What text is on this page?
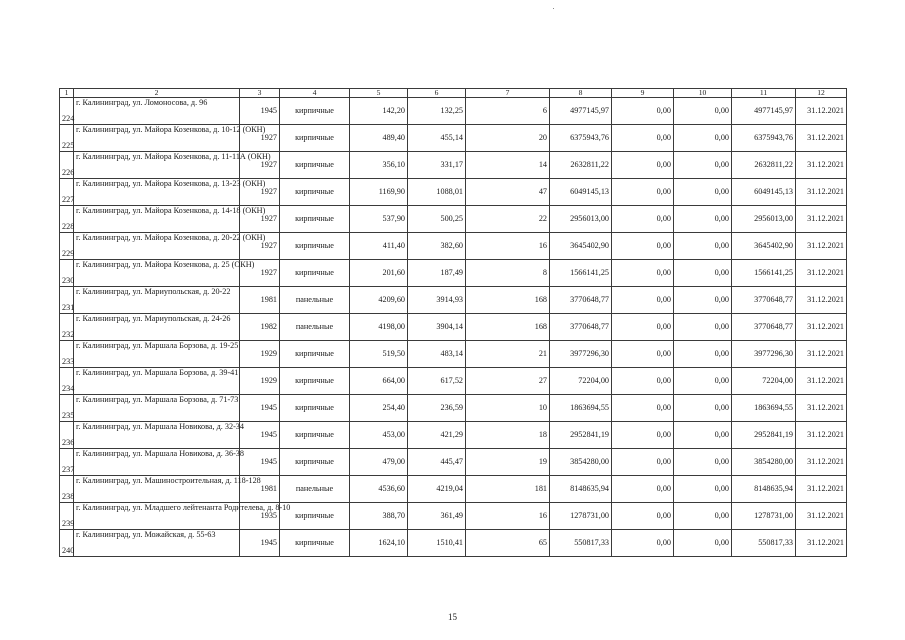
1	2	3	4	5	6	7	8	9	10	11	12
224	г. Калининград, ул. Ломоносова, д. 96	1945	кирпичные	142,20	132,25	6	4977145,97	0,00	0,00	4977145,97	31.12.2021
225	г. Калининград, ул. Майора Козенкова, д. 10-12 (ОКН)	1927	кирпичные	489,40	455,14	20	6375943,76	0,00	0,00	6375943,76	31.12.2021
226	г. Калининград, ул. Майора Козенкова, д. 11-11А (ОКН)	1927	кирпичные	356,10	331,17	14	2632811,22	0,00	0,00	2632811,22	31.12.2021
227	г. Калининград, ул. Майора Козенкова, д. 13-23 (ОКН)	1927	кирпичные	1169,90	1088,01	47	6049145,13	0,00	0,00	6049145,13	31.12.2021
228	г. Калининград, ул. Майора Козенкова, д. 14-18 (ОКН)	1927	кирпичные	537,90	500,25	22	2956013,00	0,00	0,00	2956013,00	31.12.2021
229	г. Калининград, ул. Майора Козенкова, д. 20-22 (ОКН)	1927	кирпичные	411,40	382,60	16	3645402,90	0,00	0,00	3645402,90	31.12.2021
230	г. Калининград, ул. Майора Козенкова, д. 25 (ОКН)	1927	кирпичные	201,60	187,49	8	1566141,25	0,00	0,00	1566141,25	31.12.2021
231	г. Калининград, ул. Мариупольская, д. 20-22	1981	панельные	4209,60	3914,93	168	3770648,77	0,00	0,00	3770648,77	31.12.2021
232	г. Калининград, ул. Мариупольская, д. 24-26	1982	панельные	4198,00	3904,14	168	3770648,77	0,00	0,00	3770648,77	31.12.2021
233	г. Калининград, ул. Маршала Борзова, д. 19-25	1929	кирпичные	519,50	483,14	21	3977296,30	0,00	0,00	3977296,30	31.12.2021
234	г. Калининград, ул. Маршала Борзова, д. 39-41	1929	кирпичные	664,00	617,52	27	72204,00	0,00	0,00	72204,00	31.12.2021
235	г. Калининград, ул. Маршала Борзова, д. 71-73	1945	кирпичные	254,40	236,59	10	1863694,55	0,00	0,00	1863694,55	31.12.2021
236	г. Калининград, ул. Маршала Новикова, д. 32-34	1945	кирпичные	453,00	421,29	18	2952841,19	0,00	0,00	2952841,19	31.12.2021
237	г. Калининград, ул. Маршала Новикова, д. 36-38	1945	кирпичные	479,00	445,47	19	3854280,00	0,00	0,00	3854280,00	31.12.2021
238	г. Калининград, ул. Машиностроительная, д. 118-128	1981	панельные	4536,60	4219,04	181	8148635,94	0,00	0,00	8148635,94	31.12.2021
239	г. Калининград, ул. Младшего лейтенанта Родителева, д. 8-10	1935	кирпичные	388,70	361,49	16	1278731,00	0,00	0,00	1278731,00	31.12.2021
240	г. Калининград, ул. Можайская, д. 55-63	1945	кирпичные	1624,10	1510,41	65	550817,33	0,00	0,00	550817,33	31.12.2021
15
